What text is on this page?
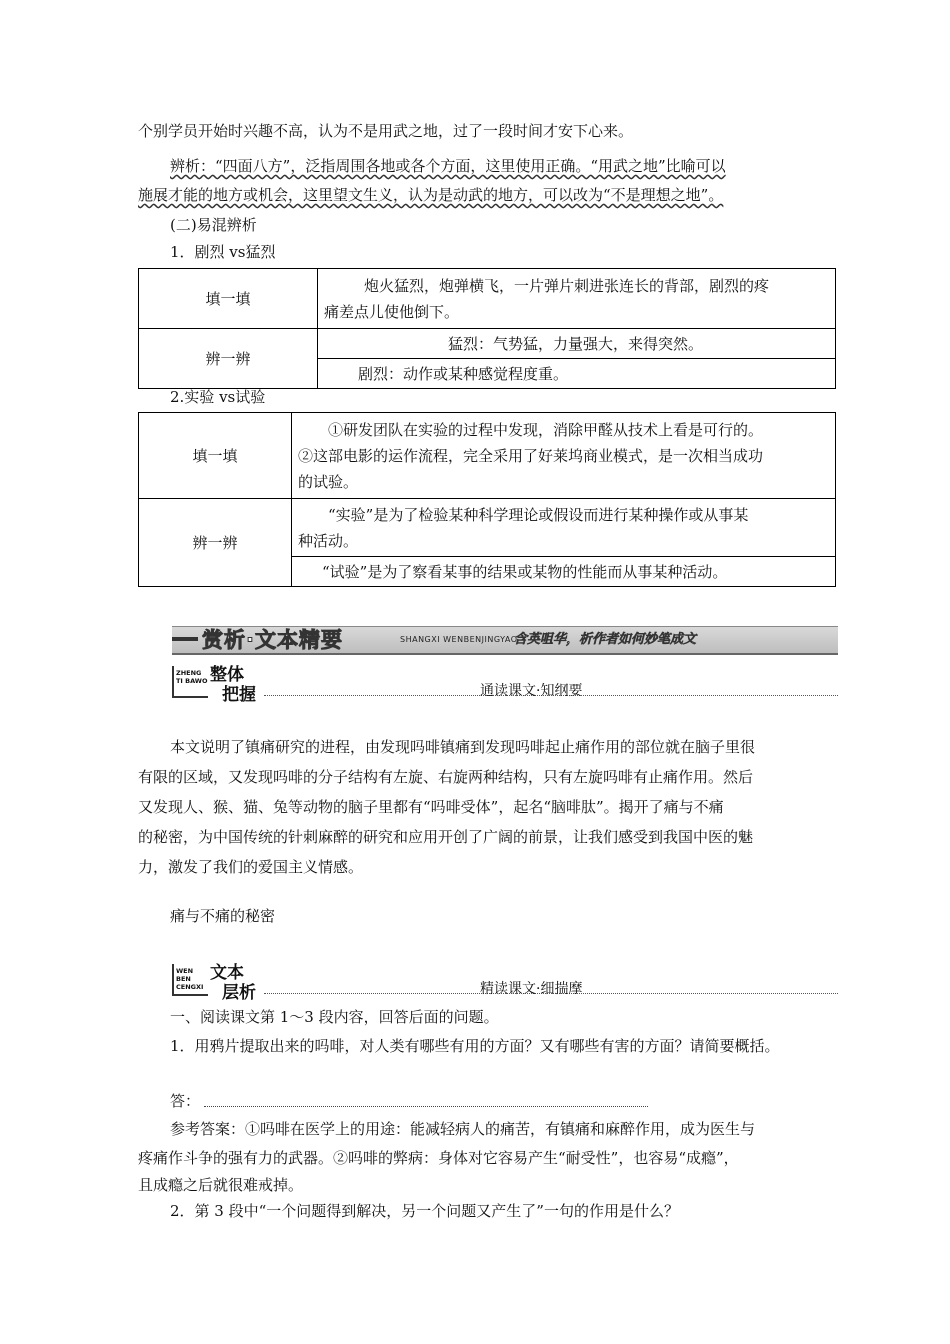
个别学员开始时兴趣不高，认为不是用武之地，过了一段时间才安下心来。
辨析：“四面八方”，泛指周围各地或各个方面，这里使用正确。“用武之地”比喻可以
施展才能的地方或机会，这里望文生义，认为是动武的地方，可以改为“不是理想之地”。
(二)易混辨析
1．剧烈 vs猛烈
填一填	炮火猛烈，炮弹横飞，一片弹片刺进张连长的背部，剧烈的疼
痛差点儿使他倒下。

辨一辨	猛烈：气势猛，力量强大，来得突然。
	剧烈：动作或某种感觉程度重。
2.实验 vs试验
填一填	①研发团队在实验的过程中发现，消除甲醛从技术上看是可行的。
②这部电影的运作流程，完全采用了好莱坞商业模式，是一次相当成功
的试验。

辨一辨	“实验”是为了检验某种科学理论或假设而进行某种操作或从事某
种活动。

	“试验”是为了察看某事的结果或某物的性能而从事某种活动。
赏析·文本精要	SHANGXI WENBENJINGYAO
含英咀华，析作者如何妙笔成文
ZHENG TI BAWO 整体
把握	通读课文·知纲要
本文说明了镇痛研究的进程，由发现吗啡镇痛到发现吗啡起止痛作用的部位就在脑子里很
有限的区域，又发现吗啡的分子结构有左旋、右旋两种结构，只有左旋吗啡有止痛作用。然后
又发现人、猴、猫、兔等动物的脑子里都有“吗啡受体”，起名“脑啡肽”。揭开了痛与不痛
的秘密，为中国传统的针刺麻醉的研究和应用开创了广阔的前景，让我们感受到我国中医的魅
力，激发了我们的爱国主义情感。
痛与不痛的秘密
WEN BEN CENGXI
文本
层析	精读课文·细揣摩
一、阅读课文第 1～3 段内容，回答后面的问题。
1．用鸦片提取出来的吗啡，对人类有哪些有用的方面？又有哪些有害的方面？请简要概括。
答：
参考答案：①吗啡在医学上的用途：能减轻病人的痛苦，有镇痛和麻醉作用，成为医生与
疼痛作斗争的强有力的武器。②吗啡的弊病：身体对它容易产生“耐受性”，也容易“成瘾”，
且成瘾之后就很难戒掉。
2．第 3 段中“一个问题得到解决，另一个问题又产生了”一句的作用是什么？
